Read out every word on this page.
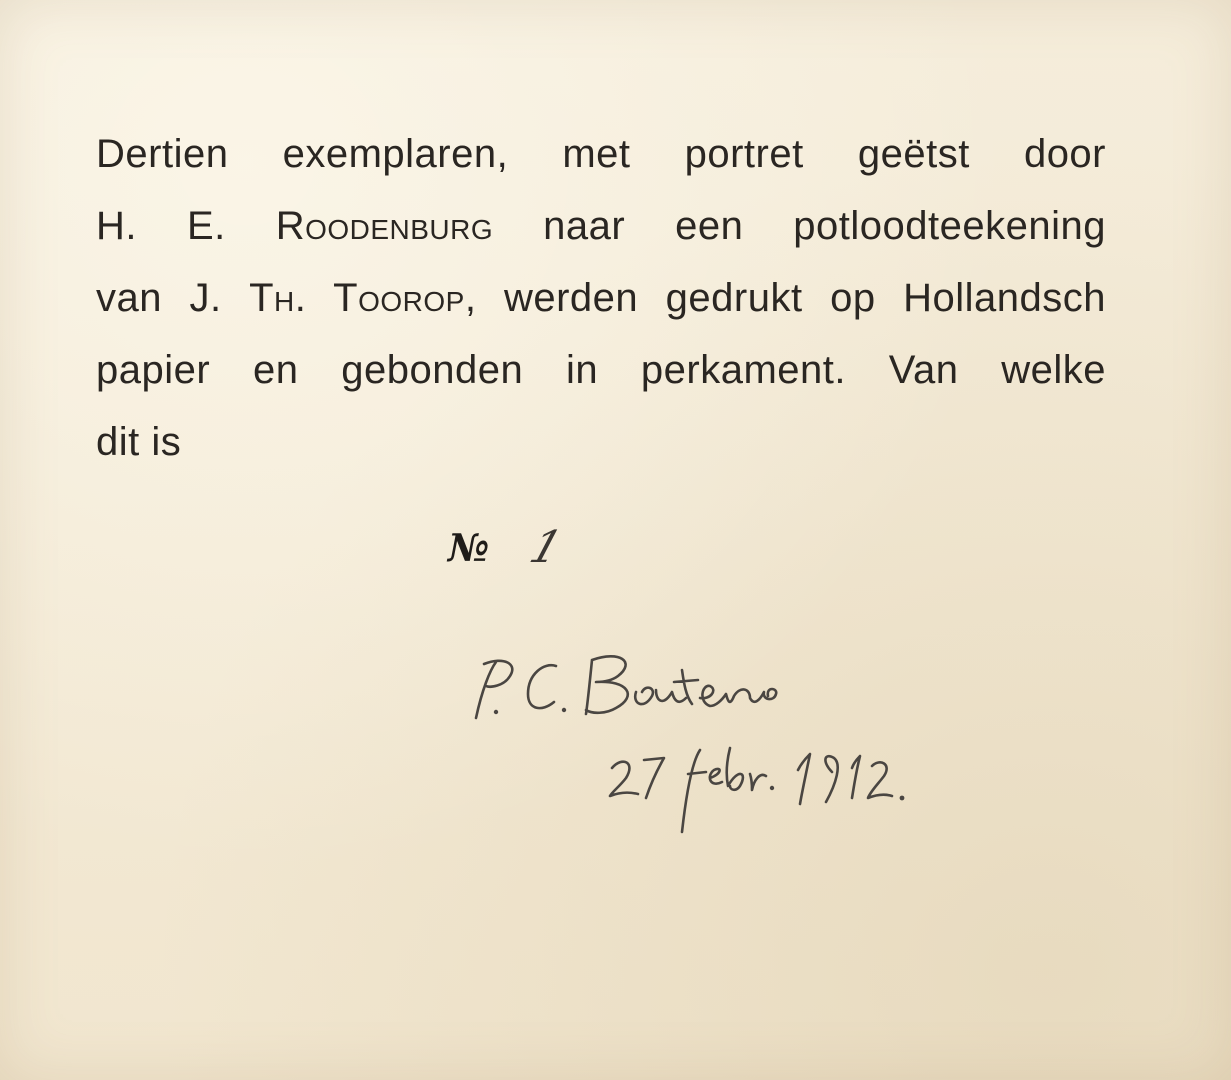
Dertien exemplaren, met portret geëtst door
H. E. Roodenburg naar een potloodteekening
van J. Th. Toorop, werden gedrukt op Hollandsch
papier en gebonden in perkament. Van welke
dit is
№ 1
